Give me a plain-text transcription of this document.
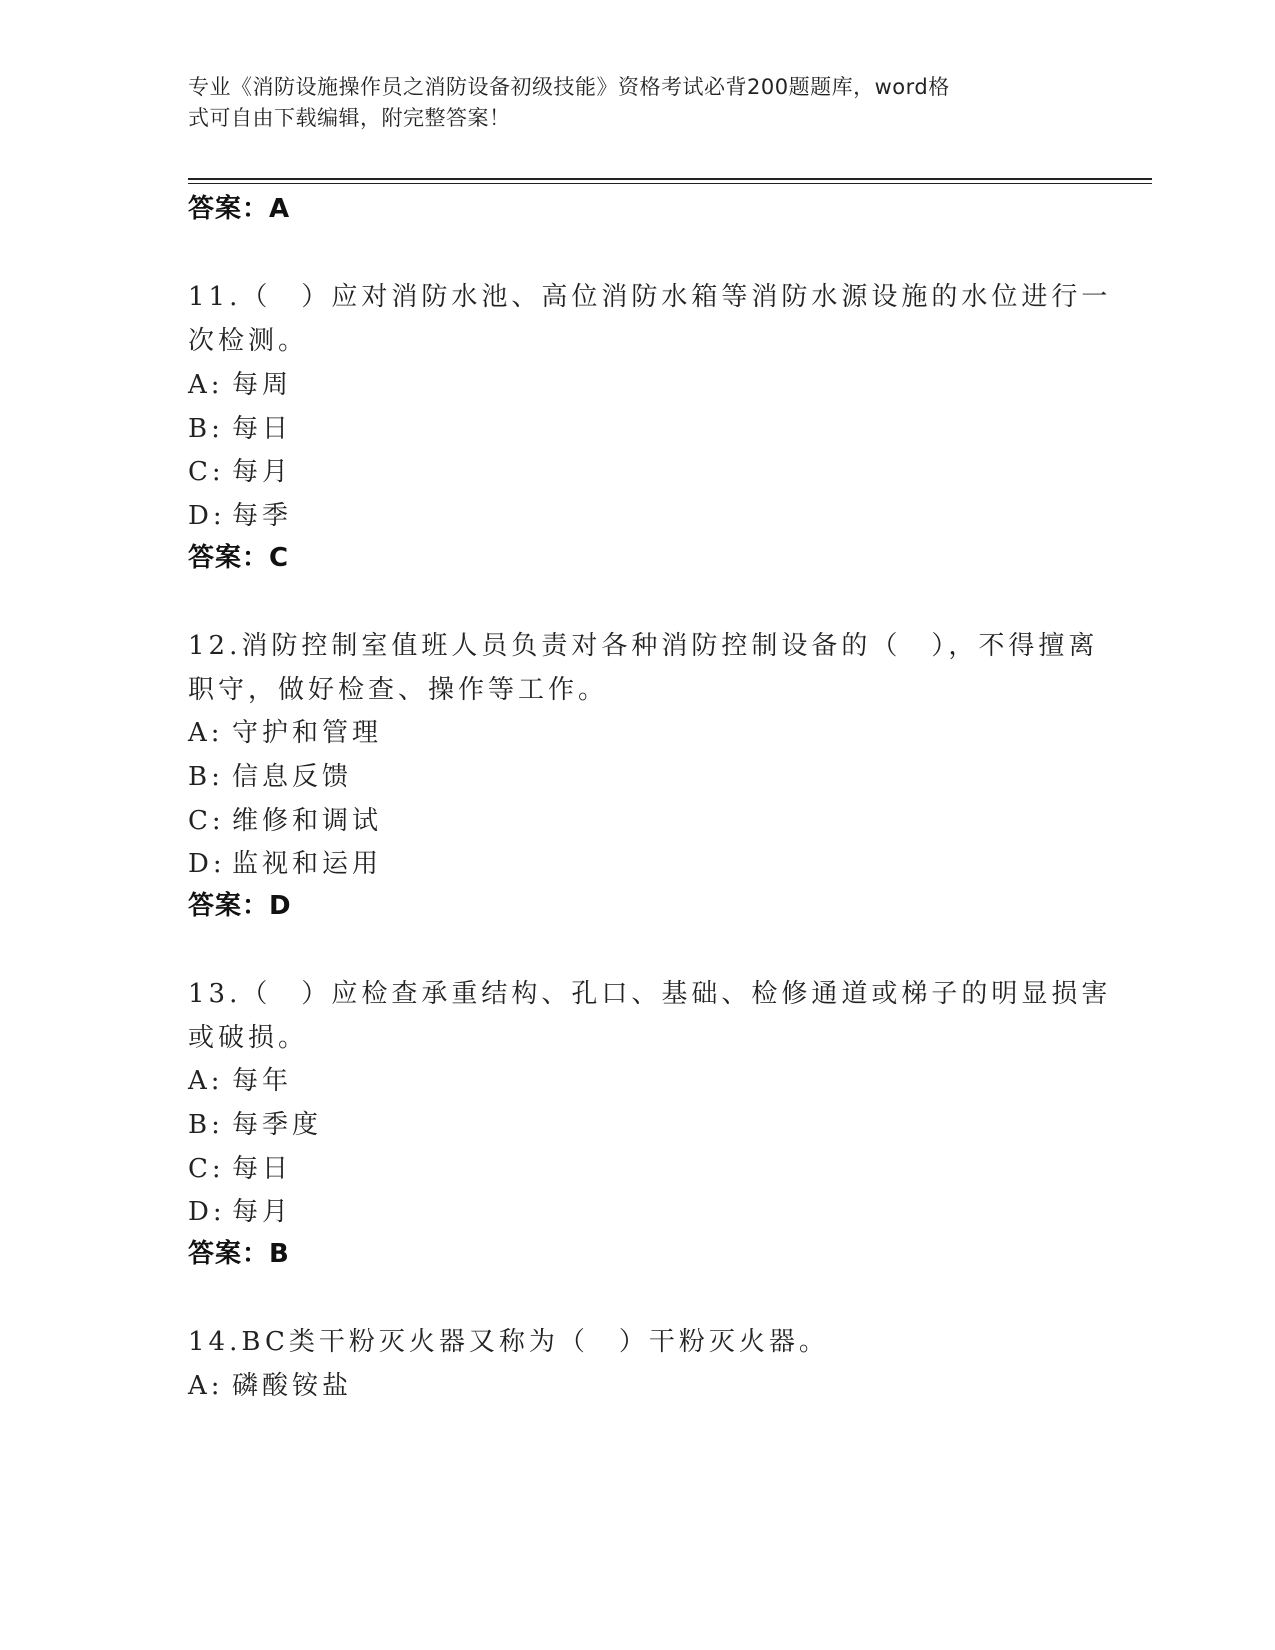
专业《消防设施操作员之消防设备初级技能》资格考试必背200题题库，word格
式可自由下载编辑，附完整答案！

答案：A

11.（　）应对消防水池、高位消防水箱等消防水源设施的水位进行一

次检测。

A: 每周

B: 每日

C: 每月

D: 每季

答案：C

12.消防控制室值班人员负责对各种消防控制设备的（　），不得擅离

职守，做好检查、操作等工作。

A: 守护和管理

B: 信息反馈

C: 维修和调试

D: 监视和运用

答案：D

13.（　）应检查承重结构、孔口、基础、检修通道或梯子的明显损害

或破损。

A: 每年

B: 每季度

C: 每日

D: 每月

答案：B

14.BC类干粉灭火器又称为（　）干粉灭火器。

A: 磷酸铵盐
